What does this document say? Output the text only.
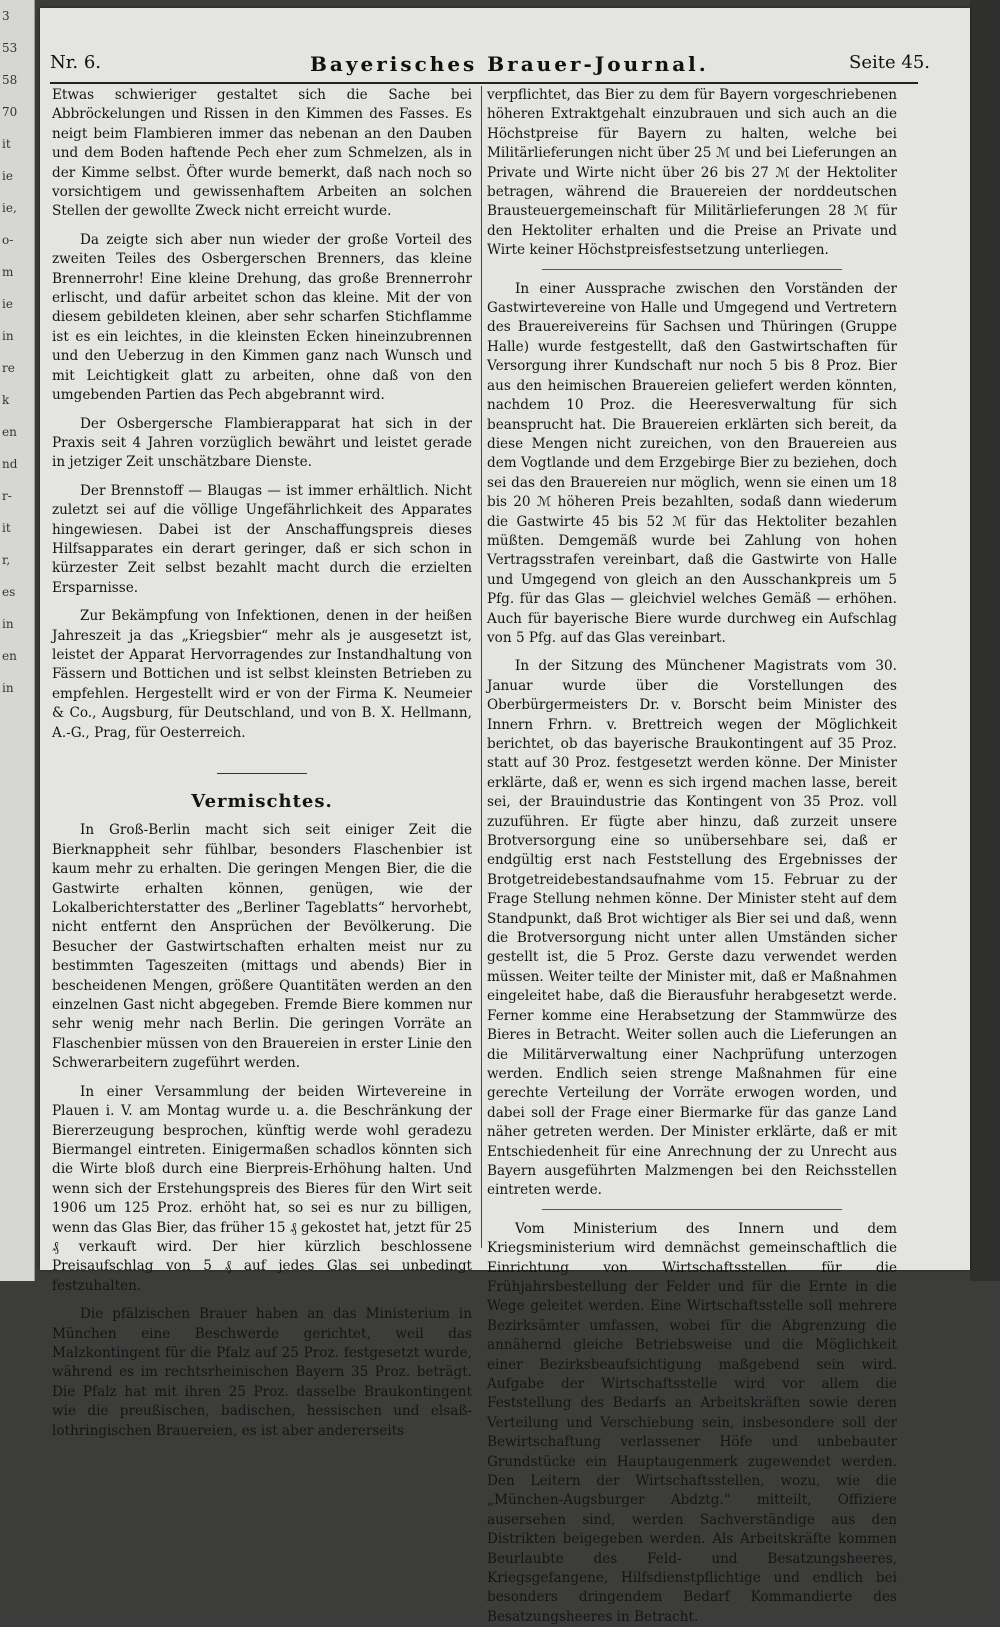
3
53
58
70
it
ie
ie,
o-
m
ie
in
re
k
en
nd
r-
it
r,
es
in
en
in
Nr. 6.	Bayerisches Brauer-Journal.	Seite 45.

Etwas schwieriger gestaltet sich die Sache bei Abbröckelungen und Rissen in den Kimmen des Fasses. Es neigt beim Flambieren immer das nebenan an den Dauben und dem Boden haftende Pech eher zum Schmelzen, als in der Kimme selbst. Öfter wurde bemerkt, daß nach noch so vorsichtigem und gewissenhaftem Arbeiten an solchen Stellen der gewollte Zweck nicht erreicht wurde.

Da zeigte sich aber nun wieder der große Vorteil des zweiten Teiles des Osbergerschen Brenners, das kleine Brennerrohr! Eine kleine Drehung, das große Brennerrohr erlischt, und dafür arbeitet schon das kleine. Mit der von diesem gebildeten kleinen, aber sehr scharfen Stichflamme ist es ein leichtes, in die kleinsten Ecken hineinzubrennen und den Ueberzug in den Kimmen ganz nach Wunsch und mit Leichtigkeit glatt zu arbeiten, ohne daß von den umgebenden Partien das Pech abgebrannt wird.

Der Osbergersche Flambierapparat hat sich in der Praxis seit 4 Jahren vorzüglich bewährt und leistet gerade in jetziger Zeit unschätzbare Dienste.

Der Brennstoff — Blaugas — ist immer erhältlich. Nicht zuletzt sei auf die völlige Ungefährlichkeit des Apparates hingewiesen. Dabei ist der Anschaffungspreis dieses Hilfsapparates ein derart geringer, daß er sich schon in kürzester Zeit selbst bezahlt macht durch die erzielten Ersparnisse.

Zur Bekämpfung von Infektionen, denen in der heißen Jahreszeit ja das „Kriegsbier“ mehr als je ausgesetzt ist, leistet der Apparat Hervorragendes zur Instandhaltung von Fässern und Bottichen und ist selbst kleinsten Betrieben zu empfehlen. Hergestellt wird er von der Firma K. Neumeier & Co., Augsburg, für Deutschland, und von B. X. Hellmann, A.-G., Prag, für Oesterreich.

Vermischtes.

In Groß-Berlin macht sich seit einiger Zeit die Bierknappheit sehr fühlbar, besonders Flaschenbier ist kaum mehr zu erhalten. Die geringen Mengen Bier, die die Gastwirte erhalten können, genügen, wie der Lokalberichterstatter des „Berliner Tageblatts“ hervorhebt, nicht entfernt den Ansprüchen der Bevölkerung. Die Besucher der Gastwirtschaften erhalten meist nur zu bestimmten Tageszeiten (mittags und abends) Bier in bescheidenen Mengen, größere Quantitäten werden an den einzelnen Gast nicht abgegeben. Fremde Biere kommen nur sehr wenig mehr nach Berlin. Die geringen Vorräte an Flaschenbier müssen von den Brauereien in erster Linie den Schwerarbeitern zugeführt werden.

In einer Versammlung der beiden Wirtevereine in Plauen i. V. am Montag wurde u. a. die Beschränkung der Biererzeugung besprochen, künftig werde wohl geradezu Biermangel eintreten. Einigermaßen schadlos könnten sich die Wirte bloß durch eine Bierpreis-Erhöhung halten. Und wenn sich der Erstehungspreis des Bieres für den Wirt seit 1906 um 125 Proz. erhöht hat, so sei es nur zu billigen, wenn das Glas Bier, das früher 15 ₰ gekostet hat, jetzt für 25 ₰ verkauft wird. Der hier kürzlich beschlossene Preisaufschlag von 5 ₰ auf jedes Glas sei unbedingt festzuhalten.

Die pfälzischen Brauer haben an das Ministerium in München eine Beschwerde gerichtet, weil das Malzkontingent für die Pfalz auf 25 Proz. festgesetzt wurde, während es im rechtsrheinischen Bayern 35 Proz. beträgt. Die Pfalz hat mit ihren 25 Proz. dasselbe Braukontingent wie die preußischen, badischen, hessischen und elsaß-lothringischen Brauereien, es ist aber andererseits

verpflichtet, das Bier zu dem für Bayern vorgeschriebenen höheren Extraktgehalt einzubrauen und sich auch an die Höchstpreise für Bayern zu halten, welche bei Militärlieferungen nicht über 25 ℳ und bei Lieferungen an Private und Wirte nicht über 26 bis 27 ℳ der Hektoliter betragen, während die Brauereien der norddeutschen Brausteuergemeinschaft für Militärlieferungen 28 ℳ für den Hektoliter erhalten und die Preise an Private und Wirte keiner Höchstpreisfestsetzung unterliegen.

In einer Aussprache zwischen den Vorständen der Gastwirtevereine von Halle und Umgegend und Vertretern des Brauereivereins für Sachsen und Thüringen (Gruppe Halle) wurde festgestellt, daß den Gastwirtschaften für Versorgung ihrer Kundschaft nur noch 5 bis 8 Proz. Bier aus den heimischen Brauereien geliefert werden könnten, nachdem 10 Proz. die Heeresverwaltung für sich beansprucht hat. Die Brauereien erklärten sich bereit, da diese Mengen nicht zureichen, von den Brauereien aus dem Vogtlande und dem Erzgebirge Bier zu beziehen, doch sei das den Brauereien nur möglich, wenn sie einen um 18 bis 20 ℳ höheren Preis bezahlten, sodaß dann wiederum die Gastwirte 45 bis 52 ℳ für das Hektoliter bezahlen müßten. Demgemäß wurde bei Zahlung von hohen Vertragsstrafen vereinbart, daß die Gastwirte von Halle und Umgegend von gleich an den Ausschankpreis um 5 Pfg. für das Glas — gleichviel welches Gemäß — erhöhen. Auch für bayerische Biere wurde durchweg ein Aufschlag von 5 Pfg. auf das Glas vereinbart.

In der Sitzung des Münchener Magistrats vom 30. Januar wurde über die Vorstellungen des Oberbürgermeisters Dr. v. Borscht beim Minister des Innern Frhrn. v. Brettreich wegen der Möglichkeit berichtet, ob das bayerische Braukontingent auf 35 Proz. statt auf 30 Proz. festgesetzt werden könne. Der Minister erklärte, daß er, wenn es sich irgend machen lasse, bereit sei, der Brauindustrie das Kontingent von 35 Proz. voll zuzuführen. Er fügte aber hinzu, daß zurzeit unsere Brotversorgung eine so unübersehbare sei, daß er endgültig erst nach Feststellung des Ergebnisses der Brotgetreidebestandsaufnahme vom 15. Februar zu der Frage Stellung nehmen könne. Der Minister steht auf dem Standpunkt, daß Brot wichtiger als Bier sei und daß, wenn die Brotversorgung nicht unter allen Umständen sicher gestellt ist, die 5 Proz. Gerste dazu verwendet werden müssen. Weiter teilte der Minister mit, daß er Maßnahmen eingeleitet habe, daß die Bierausfuhr herabgesetzt werde. Ferner komme eine Herabsetzung der Stammwürze des Bieres in Betracht. Weiter sollen auch die Lieferungen an die Militärverwaltung einer Nachprüfung unterzogen werden. Endlich seien strenge Maßnahmen für eine gerechte Verteilung der Vorräte erwogen worden, und dabei soll der Frage einer Biermarke für das ganze Land näher getreten werden. Der Minister erklärte, daß er mit Entschiedenheit für eine Anrechnung der zu Unrecht aus Bayern ausgeführten Malzmengen bei den Reichsstellen eintreten werde.

Vom Ministerium des Innern und dem Kriegsministerium wird demnächst gemeinschaftlich die Einrichtung von Wirtschaftsstellen für die Frühjahrsbestellung der Felder und für die Ernte in die Wege geleitet werden. Eine Wirtschaftsstelle soll mehrere Bezirksämter umfassen, wobei für die Abgrenzung die annähernd gleiche Betriebsweise und die Möglichkeit einer Bezirksbeaufsichtigung maßgebend sein wird. Aufgabe der Wirtschaftsstelle wird vor allem die Feststellung des Bedarfs an Arbeitskräften sowie deren Verteilung und Verschiebung sein, insbesondere soll der Bewirtschaftung verlassener Höfe und unbebauter Grundstücke ein Hauptaugenmerk zugewendet werden. Den Leitern der Wirtschaftsstellen, wozu, wie die „München-Augsburger Abdztg.“ mitteilt, Offiziere ausersehen sind, werden Sachverständige aus den Distrikten beigegeben werden. Als Arbeitskräfte kommen Beurlaubte des Feld- und Besatzungsheeres, Kriegsgefangene, Hilfsdienstpflichtige und endlich bei besonders dringendem Bedarf Kommandierte des Besatzungsheeres in Betracht.
